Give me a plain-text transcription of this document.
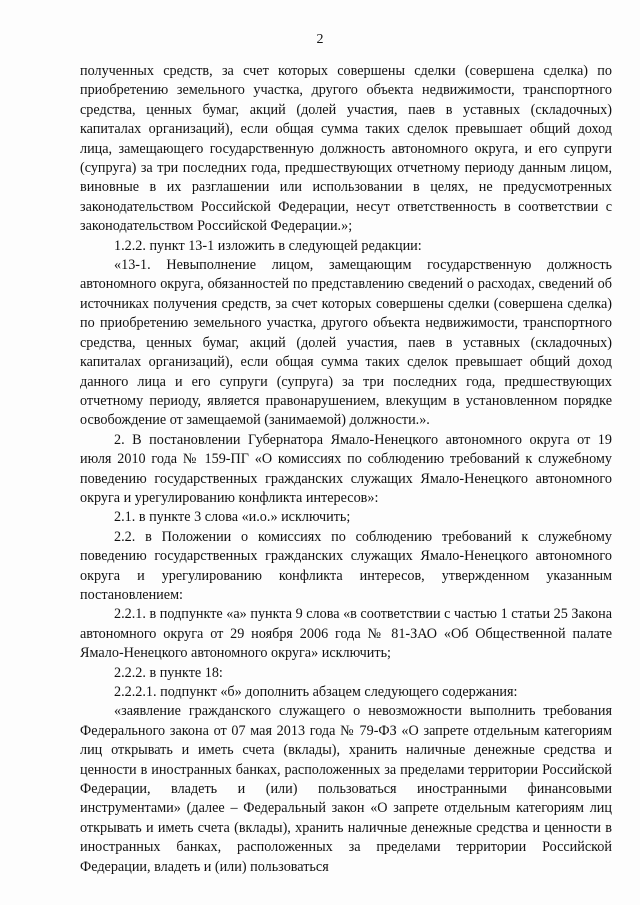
2

полученных средств, за счет которых совершены сделки (совершена сделка) по приобретению земельного участка, другого объекта недвижимости, транспортного средства, ценных бумаг, акций (долей участия, паев в уставных (складочных) капиталах организаций), если общая сумма таких сделок превышает общий доход лица, замещающего государственную должность автономного округа, и его супруги (супруга) за три последних года, предшествующих отчетному периоду данным лицом, виновные в их разглашении или использовании в целях, не предусмотренных законодательством Российской Федерации, несут ответственность в соответствии с законодательством Российской Федерации.»;

1.2.2. пункт 13-1 изложить в следующей редакции:

«13-1. Невыполнение лицом, замещающим государственную должность автономного округа, обязанностей по представлению сведений о расходах, сведений об источниках получения средств, за счет которых совершены сделки (совершена сделка) по приобретению земельного участка, другого объекта недвижимости, транспортного средства, ценных бумаг, акций (долей участия, паев в уставных (складочных) капиталах организаций), если общая сумма таких сделок превышает общий доход данного лица и его супруги (супруга) за три последних года, предшествующих отчетному периоду, является правонарушением, влекущим в установленном порядке освобождение от замещаемой (занимаемой) должности.».

2. В постановлении Губернатора Ямало-Ненецкого автономного округа от 19 июля 2010 года № 159-ПГ «О комиссиях по соблюдению требований к служебному поведению государственных гражданских служащих Ямало-Ненецкого автономного округа и урегулированию конфликта интересов»:

2.1. в пункте 3 слова «и.о.» исключить;

2.2. в Положении о комиссиях по соблюдению требований к служебному поведению государственных гражданских служащих Ямало-Ненецкого автономного округа и урегулированию конфликта интересов, утвержденном указанным постановлением:

2.2.1. в подпункте «а» пункта 9 слова «в соответствии с частью 1 статьи 25 Закона автономного округа от 29 ноября 2006 года № 81-ЗАО «Об Общественной палате Ямало-Ненецкого автономного округа» исключить;

2.2.2. в пункте 18:

2.2.2.1. подпункт «б» дополнить абзацем следующего содержания:

«заявление гражданского служащего о невозможности выполнить требования Федерального закона от 07 мая 2013 года № 79-ФЗ «О запрете отдельным категориям лиц открывать и иметь счета (вклады), хранить наличные денежные средства и ценности в иностранных банках, расположенных за пределами территории Российской Федерации, владеть и (или) пользоваться иностранными финансовыми инструментами» (далее – Федеральный закон «О запрете отдельным категориям лиц открывать и иметь счета (вклады), хранить наличные денежные средства и ценности в иностранных банках, расположенных за пределами территории Российской Федерации, владеть и (или) пользоваться
